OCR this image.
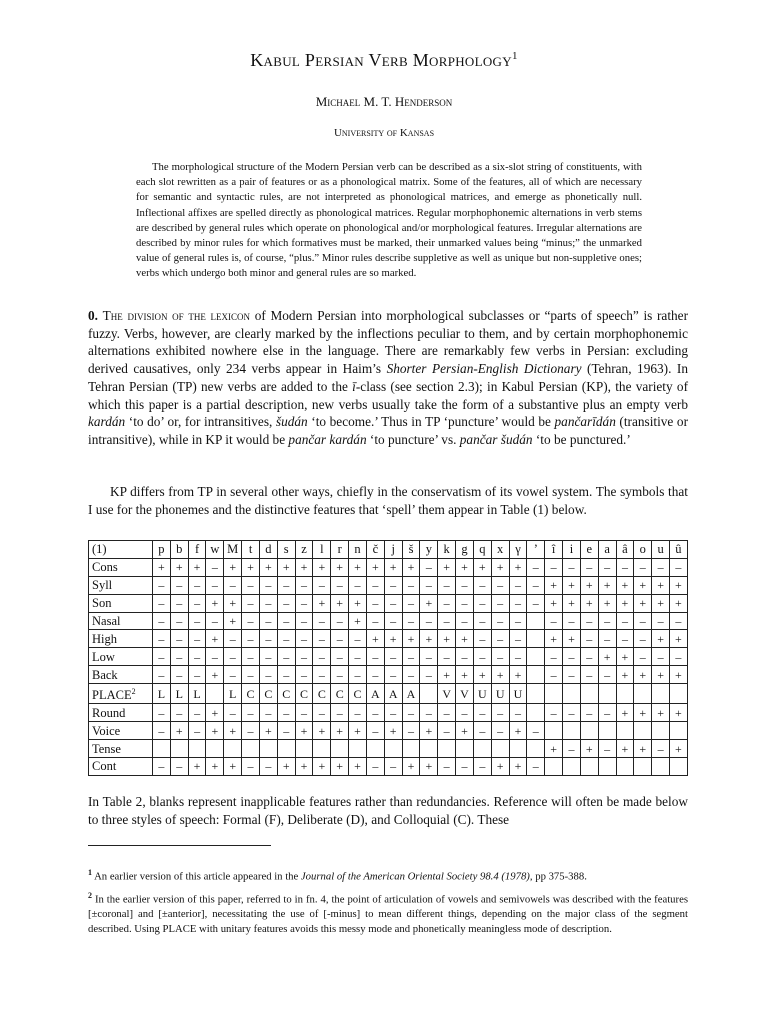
Kabul Persian Verb Morphology$^1$
Michael M. T. Henderson
University of Kansas

The morphological structure of the Modern Persian verb can be described as a six-slot string of constituents, with each slot rewritten as a pair of features or as a phonological matrix. Some of the features, all of which are necessary for semantic and syntactic rules, are not interpreted as phonological matrices, and emerge as phonetically null. Inflectional affixes are spelled directly as phonological matrices. Regular morphophonemic alternations in verb stems are described by general rules which operate on phonological and/or morphological features. Irregular alternations are described by minor rules for which formatives must be marked, their unmarked values being “minus;” the unmarked value of general rules is, of course, “plus.” Minor rules describe suppletive as well as unique but non-suppletive ones; verbs which undergo both minor and general rules are so marked.

0. The division of the lexicon of Modern Persian into morphological subclasses or “parts of speech” is rather fuzzy. Verbs, however, are clearly marked by the inflections peculiar to them, and by certain morphophonemic alternations exhibited nowhere else in the language. There are remarkably few verbs in Persian: excluding derived causatives, only 234 verbs appear in Haim’s Shorter Persian-English Dictionary (Tehran, 1963). In Tehran Persian (TP) new verbs are added to the ī-class (see section 2.3); in Kabul Persian (KP), the variety of which this paper is a partial description, new verbs usually take the form of a substantive plus an empty verb kardán ‘to do’ or, for intransitives, šudán ‘to become.’ Thus in TP ‘puncture’ would be pančarīdán (transitive or intransitive), while in KP it would be pančar kardán ‘to puncture’ vs. pančar šudán ‘to be punctured.’

KP differs from TP in several other ways, chiefly in the conservatism of its vowel system. The symbols that I use for the phonemes and the distinctive features that ‘spell’ them appear in Table (1) below.

(1)	p	b	f	w	M	t	d	s	z	l	r	n	č	j	š	y	k	g	q	x	γ	’	î	i	e	a	â	o	u	û
Cons	+	+	+	–	+	+	+	+	+	+	+	+	+	+	+	–	+	+	+	+	+	–	–	–	–	–	–	–	–	–
Syll	–	–	–	–	–	–	–	–	–	–	–	–	–	–	–	–	–	–	–	–	–	–	+	+	+	+	+	+	+	+
Son	–	–	–	+	+	–	–	–	–	+	+	+	–	–	–	+	–	–	–	–	–	–	+	+	+	+	+	+	+	+
Nasal	–	–	–	–	+	–	–	–	–	–	–	+	–	–	–	–	–	–	–	–	–		–	–	–	–	–	–	–	–
High	–	–	–	+	–	–	–	–	–	–	–	–	+	+	+	+	+	+	–	–	–		+	+	–	–	–	–	+	+
Low	–	–	–	–	–	–	–	–	–	–	–	–	–	–	–	–	–	–	–	–	–		–	–	–	+	+	–	–	–
Back	–	–	–	+	–	–	–	–	–	–	–	–	–	–	–	–	+	+	+	+	+		–	–	–	–	+	+	+	+
$PLACE^2$	L	L	L		L	C	C	C	C	C	C	C	A	A	A		V	V	U	U	U									
Round	–	–	–	+	–	–	–	–	–	–	–	–	–	–	–	–	–	–	–	–	–		–	–	–	–	+	+	+	+
Voice	–	+	–	+	+	–	+	–	+	+	+	+	–	+	–	+	–	+	–	–	+	–								
Tense																							+	–	+	–	+	+	–	+
Cont	–	–	+	+	+	–	–	+	+	+	+	+	–	–	+	+	–	–	–	+	+	–								

In Table 2, blanks represent inapplicable features rather than redundancies. Reference will often be made below to three styles of speech: Formal (F), Deliberate (D), and Colloquial (C). These

$^1$ An earlier version of this article appeared in the Journal of the American Oriental Society 98.4 (1978), pp 375-388.

$^2$ In the earlier version of this paper, referred to in fn. 4, the point of articulation of vowels and semivowels was described with the features [±coronal] and [±anterior], necessitating the use of [-minus] to mean different things, depending on the major class of the segment described. Using PLACE with unitary features avoids this messy mode and phonetically meaningless mode of description.
